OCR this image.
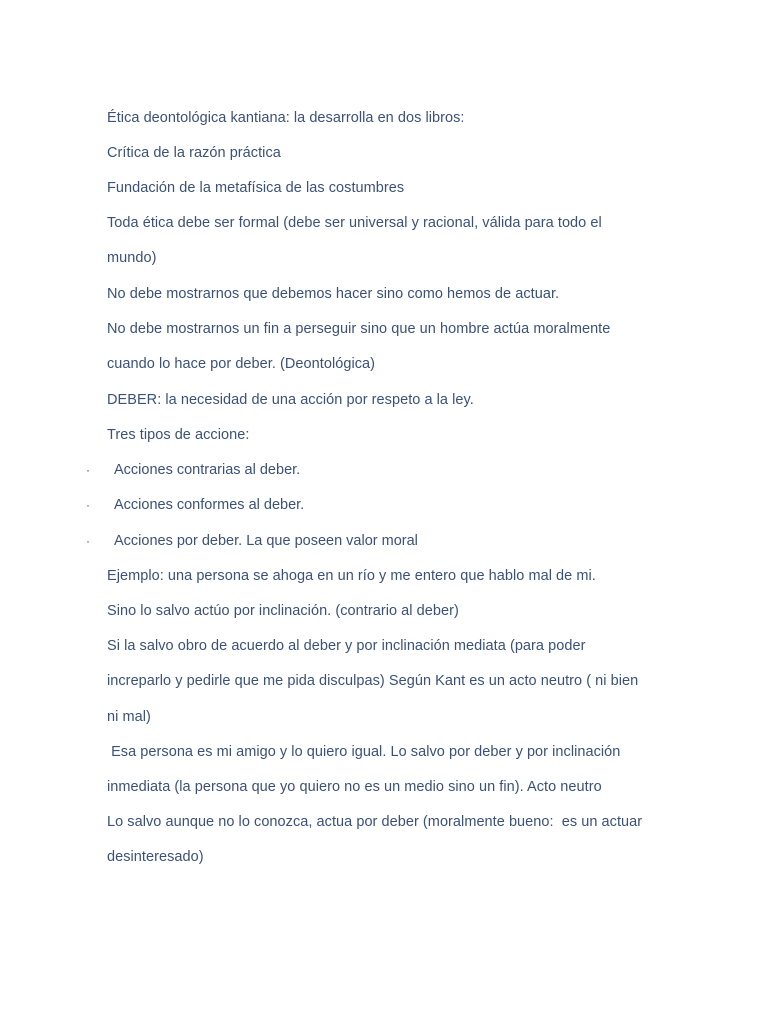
Ética deontológica kantiana: la desarrolla en dos libros:
Crítica de la razón práctica
Fundación de la metafísica de las costumbres
Toda ética debe ser formal (debe ser universal y racional, válida para todo el
mundo)
No debe mostrarnos que debemos hacer sino como hemos de actuar.
No debe mostrarnos un fin a perseguir sino que un hombre actúa moralmente
cuando lo hace por deber. (Deontológica)
DEBER: la necesidad de una acción por respeto a la ley.
Tres tipos de accione:
· Acciones contrarias al deber.
· Acciones conformes al deber.
· Acciones por deber. La que poseen valor moral
Ejemplo: una persona se ahoga en un río y me entero que hablo mal de mi.
Sino lo salvo actúo por inclinación. (contrario al deber)
Si la salvo obro de acuerdo al deber y por inclinación mediata (para poder
increparlo y pedirle que me pida disculpas) Según Kant es un acto neutro ( ni bien
ni mal)
Esa persona es mi amigo y lo quiero igual. Lo salvo por deber y por inclinación
inmediata (la persona que yo quiero no es un medio sino un fin). Acto neutro
Lo salvo aunque no lo conozca, actua por deber (moralmente bueno:  es un actuar
desinteresado)
